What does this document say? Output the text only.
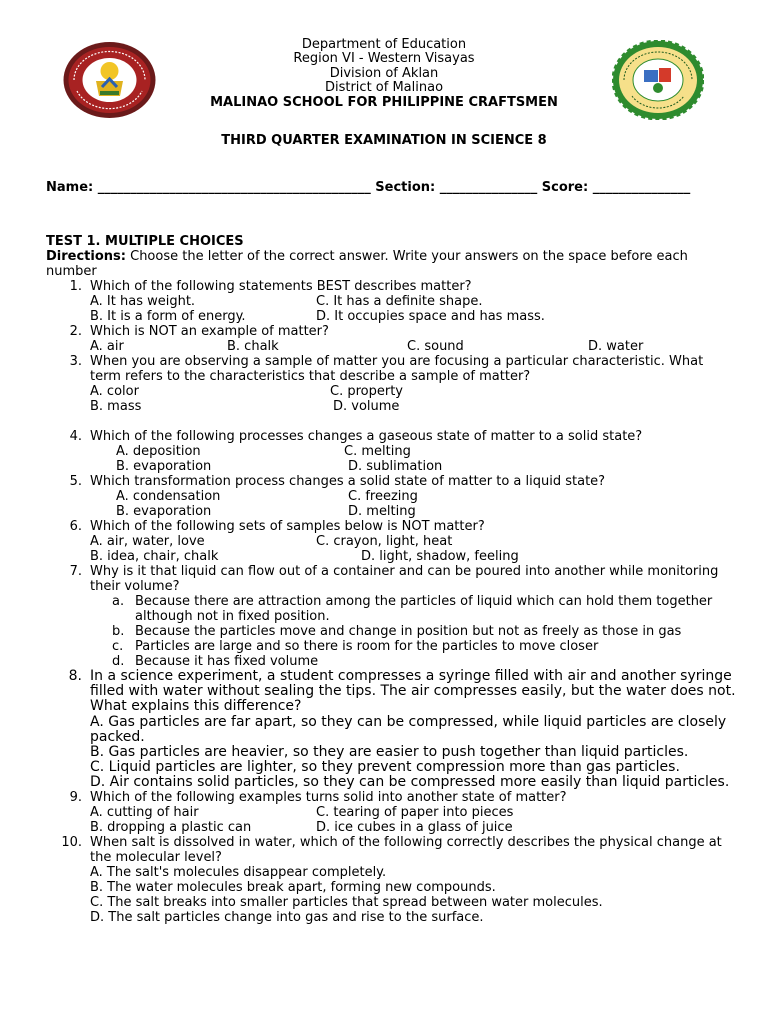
Department of Education
Region VI - Western Visayas
Division of Aklan
District of Malinao
MALINAO SCHOOL FOR PHILIPPINE CRAFTSMEN
THIRD QUARTER EXAMINATION IN SCIENCE 8
Name: __________________________________________ Section: _______________ Score: _______________
TEST 1. MULTIPLE CHOICES
Directions: Choose the letter of the correct answer. Write your answers on the space before each number
1. Which of the following statements BEST describes matter?
A. It has weight.	C. It has a definite shape.
B. It is a form of energy.	D. It occupies space and has mass.
2. Which is NOT an example of matter?
A. air	B. chalk	C. sound	D. water
3. When you are observing a sample of matter you are focusing a particular characteristic. What term refers to the characteristics that describe a sample of matter?
A. color	C. property
B. mass	D. volume
4. Which of the following processes changes a gaseous state of matter to a solid state?
A. deposition	C. melting
B. evaporation	D. sublimation
5. Which transformation process changes a solid state of matter to a liquid state?
A. condensation	C. freezing
B. evaporation	D. melting
6. Which of the following sets of samples below is NOT matter?
A. air, water, love	C. crayon, light, heat
B. idea, chair, chalk	D. light, shadow, feeling
7. Why is it that liquid can flow out of a container and can be poured into another while monitoring their volume?
a. Because there are attraction among the particles of liquid which can hold them together although not in fixed position.
b. Because the particles move and change in position but not as freely as those in gas
c. Particles are large and so there is room for the particles to move closer
d. Because it has fixed volume
8. In a science experiment, a student compresses a syringe filled with air and another syringe filled with water without sealing the tips. The air compresses easily, but the water does not. What explains this difference?
A. Gas particles are far apart, so they can be compressed, while liquid particles are closely packed.
B. Gas particles are heavier, so they are easier to push together than liquid particles.
C. Liquid particles are lighter, so they prevent compression more than gas particles.
D. Air contains solid particles, so they can be compressed more easily than liquid particles.
9. Which of the following examples turns solid into another state of matter?
A. cutting of hair	C. tearing of paper into pieces
B. dropping a plastic can	D. ice cubes in a glass of juice
10. When salt is dissolved in water, which of the following correctly describes the physical change at the molecular level?
A. The salt's molecules disappear completely.
B. The water molecules break apart, forming new compounds.
C. The salt breaks into smaller particles that spread between water molecules.
D. The salt particles change into gas and rise to the surface.
